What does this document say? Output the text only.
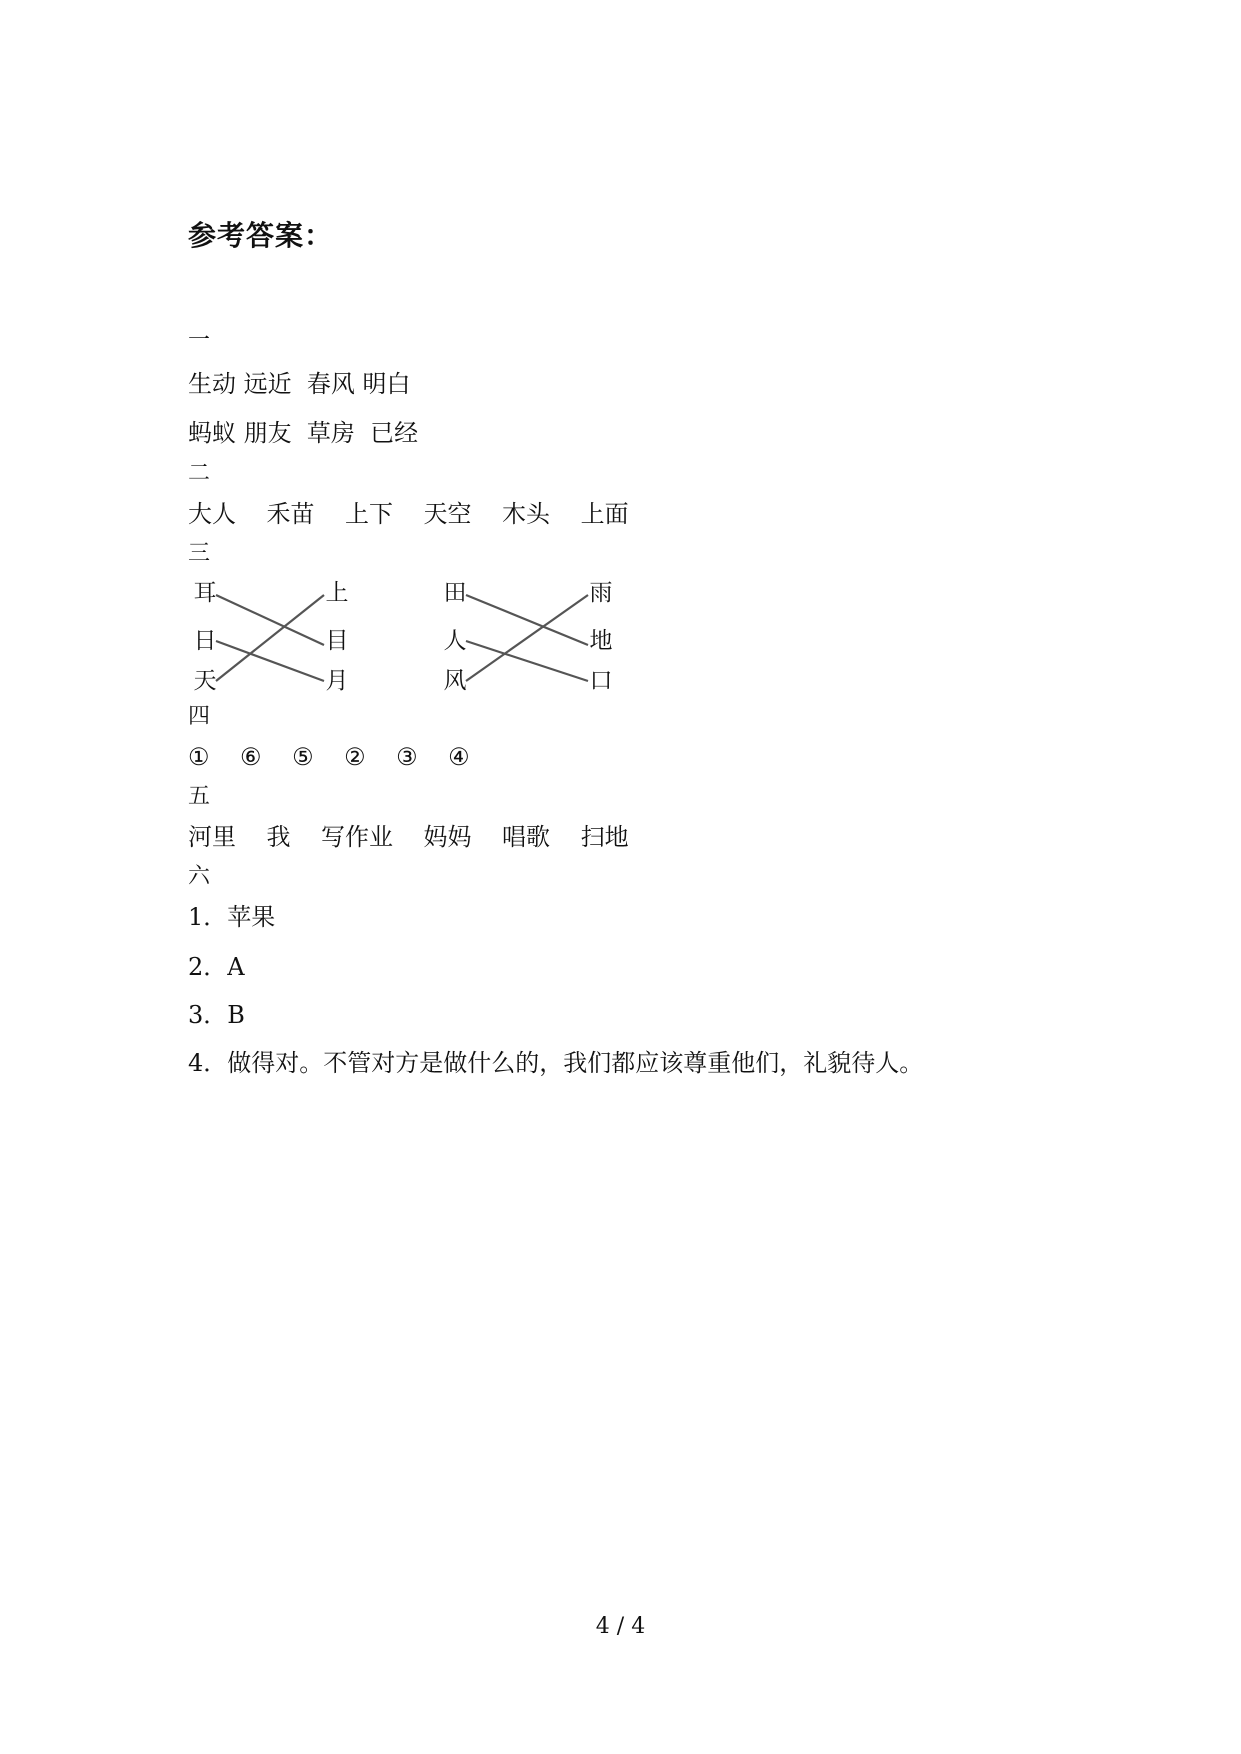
参考答案：
一
生动 远近  春风 明白
蚂蚁 朋友  草房  已经
二
大人    禾苗    上下    天空    木头    上面
三
耳
日
天
上
目
月
田
人
风
雨
地
口
四
①    ⑥    ⑤    ②    ③    ④
五
河里    我    写作业    妈妈    唱歌    扫地
六
1．苹果
2．A
3．B
4．做得对。不管对方是做什么的，我们都应该尊重他们，礼貌待人。
4 / 4
